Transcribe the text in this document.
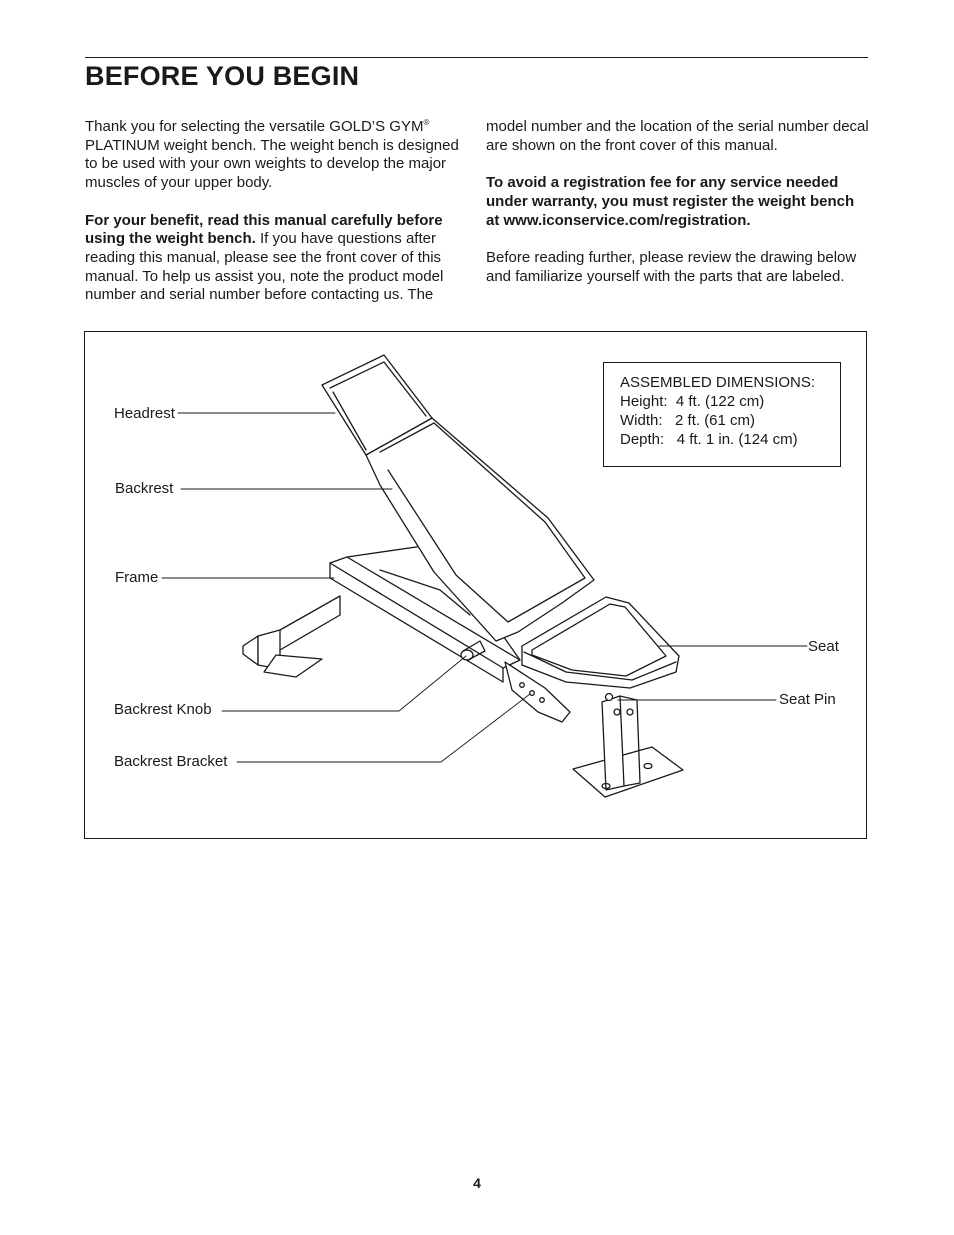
BEFORE YOU BEGIN

Thank you for selecting the versatile GOLD’S GYM® PLATINUM weight bench. The weight bench is designed to be used with your own weights to develop the major muscles of your upper body.

For your benefit, read this manual carefully before using the weight bench. If you have questions after reading this manual, please see the front cover of this manual. To help us assist you, note the product model number and serial number before contacting us. The

model number and the location of the serial number decal are shown on the front cover of this manual.

To avoid a registration fee for any service needed under warranty, you must register the weight bench at www.iconservice.com/registration.

Before reading further, please review the drawing below and familiarize yourself with the parts that are labeled.

Headrest
Backrest
Frame
Backrest Knob
Backrest Bracket
Seat
Seat Pin
ASSEMBLED DIMENSIONS:
Height:  4 ft. (122 cm)
Width:   2 ft. (61 cm)
Depth:   4 ft. 1 in. (124 cm)
4
